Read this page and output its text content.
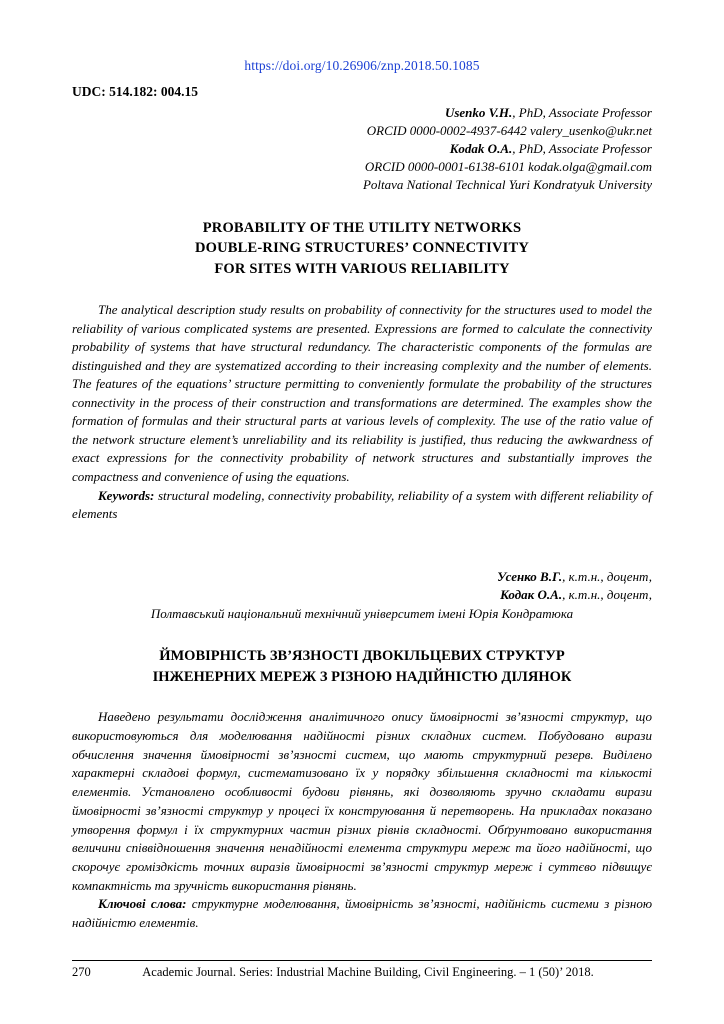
https://doi.org/10.26906/znp.2018.50.1085
UDC: 514.182: 004.15
Usenko V.H., PhD, Associate Professor
ORCID 0000-0002-4937-6442 valery_usenko@ukr.net
Kodak O.A., PhD, Associate Professor
ORCID 0000-0001-6138-6101 kodak.olga@gmail.com
Poltava National Technical Yuri Kondratyuk University
PROBABILITY OF THE UTILITY NETWORKS
DOUBLE-RING STRUCTURES’ CONNECTIVITY
FOR SITES WITH VARIOUS RELIABILITY
The analytical description study results on probability of connectivity for the structures used to model the reliability of various complicated systems are presented. Expressions are formed to calculate the connectivity probability of systems that have structural redundancy. The characteristic components of the formulas are distinguished and they are systematized according to their increasing complexity and the number of elements. The features of the equations’ structure permitting to conveniently formulate the probability of the structures connectivity in the process of their construction and transformations are determined. The examples show the formation of formulas and their structural parts at various levels of complexity. The use of the ratio value of the network structure element’s unreliability and its reliability is justified, thus reducing the awkwardness of exact expressions for the connectivity probability of network structures and substantially improves the compactness and convenience of using the equations.
Keywords: structural modeling, connectivity probability, reliability of a system with different reliability of elements
Усенко В.Г., к.т.н., доцент,
Кодак О.А., к.т.н., доцент,
Полтавський національний технічний університет імені Юрія Кондратюка
ЙМОВІРНІСТЬ ЗВ’ЯЗНОСТІ ДВОКІЛЬЦЕВИХ СТРУКТУР
ІНЖЕНЕРНИХ МЕРЕЖ З РІЗНОЮ НАДІЙНІСТЮ ДІЛЯНОК
Наведено результати дослідження аналітичного опису ймовірності зв’язності структур, що використовуються для моделювання надійності різних складних систем. Побудовано вирази обчислення значення ймовірності зв’язності систем, що мають структурний резерв. Виділено характерні складові формул, систематизовано їх у порядку збільшення складності та кількості елементів. Установлено особливості будови рівнянь, які дозволяють зручно складати вирази ймовірності зв’язності структур у процесі їх конструювання й перетворень. На прикладах показано утворення формул і їх структурних частин різних рівнів складності. Обґрунтовано використання величини співвідношення значення ненадійності елемента структури мереж та його надійності, що скорочує громіздкість точних виразів ймовірності зв’язності структур мереж і суттєво підвищує компактність та зручність використання рівнянь.
Ключові слова: структурне моделювання, ймовірність зв’язності, надійність системи з різною надійністю елементів.
270	Academic Journal. Series: Industrial Machine Building, Civil Engineering. – 1 (50)’ 2018.
